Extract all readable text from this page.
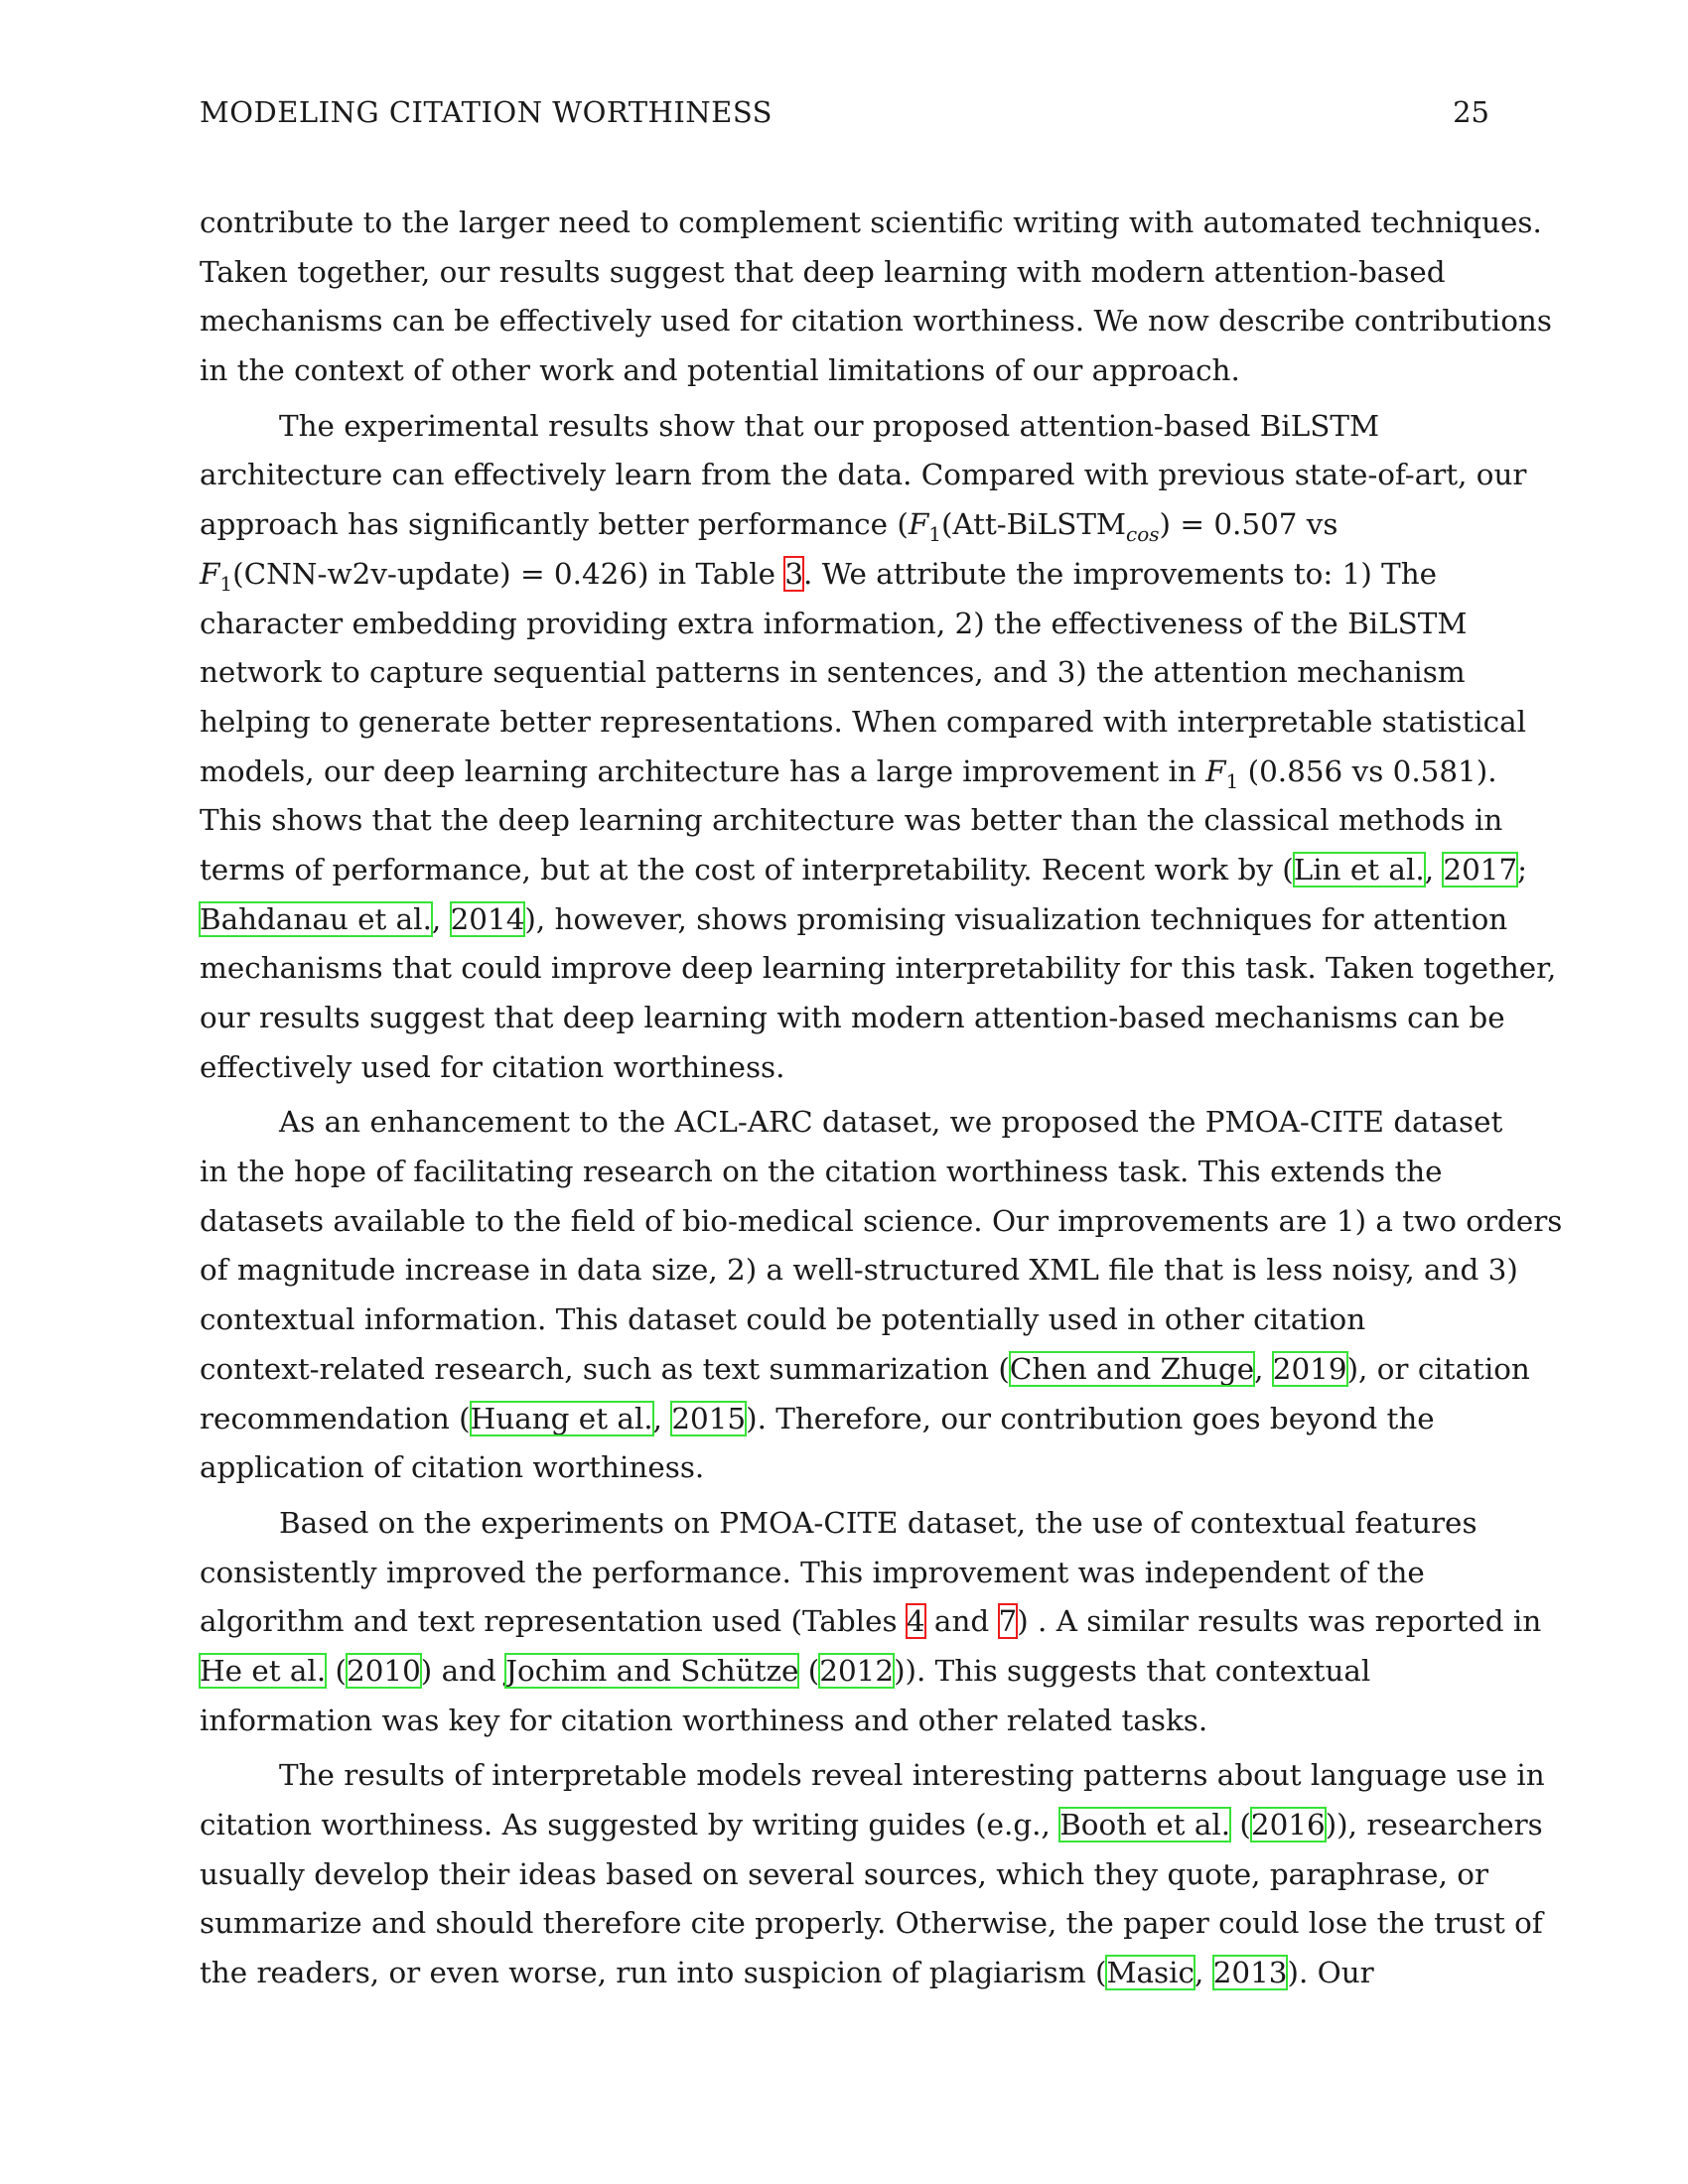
MODELING CITATION WORTHINESS	25
contribute to the larger need to complement scientific writing with automated techniques.
Taken together, our results suggest that deep learning with modern attention-based
mechanisms can be effectively used for citation worthiness. We now describe contributions
in the context of other work and potential limitations of our approach.
The experimental results show that our proposed attention-based BiLSTM
architecture can effectively learn from the data. Compared with previous state-of-art, our
approach has significantly better performance ($F_1(Att-BiLSTM_{cos}) = 0.507$ vs
$F_1(CNN-w2v-update) = 0.426$) in Table 3. We attribute the improvements to: 1) The
character embedding providing extra information, 2) the effectiveness of the BiLSTM
network to capture sequential patterns in sentences, and 3) the attention mechanism
helping to generate better representations. When compared with interpretable statistical
models, our deep learning architecture has a large improvement in $F_1$ (0.856 vs 0.581).
This shows that the deep learning architecture was better than the classical methods in
terms of performance, but at the cost of interpretability. Recent work by (Lin et al., 2017;
Bahdanau et al., 2014), however, shows promising visualization techniques for attention
mechanisms that could improve deep learning interpretability for this task. Taken together,
our results suggest that deep learning with modern attention-based mechanisms can be
effectively used for citation worthiness.
As an enhancement to the ACL-ARC dataset, we proposed the PMOA-CITE dataset
in the hope of facilitating research on the citation worthiness task. This extends the
datasets available to the field of bio-medical science. Our improvements are 1) a two orders
of magnitude increase in data size, 2) a well-structured XML file that is less noisy, and 3)
contextual information. This dataset could be potentially used in other citation
context-related research, such as text summarization (Chen and Zhuge, 2019), or citation
recommendation (Huang et al., 2015). Therefore, our contribution goes beyond the
application of citation worthiness.
Based on the experiments on PMOA-CITE dataset, the use of contextual features
consistently improved the performance. This improvement was independent of the
algorithm and text representation used (Tables 4 and 7) . A similar results was reported in
He et al. (2010) and Jochim and Schütze (2012)). This suggests that contextual
information was key for citation worthiness and other related tasks.
The results of interpretable models reveal interesting patterns about language use in
citation worthiness. As suggested by writing guides (e.g., Booth et al. (2016)), researchers
usually develop their ideas based on several sources, which they quote, paraphrase, or
summarize and should therefore cite properly. Otherwise, the paper could lose the trust of
the readers, or even worse, run into suspicion of plagiarism (Masic, 2013). Our
